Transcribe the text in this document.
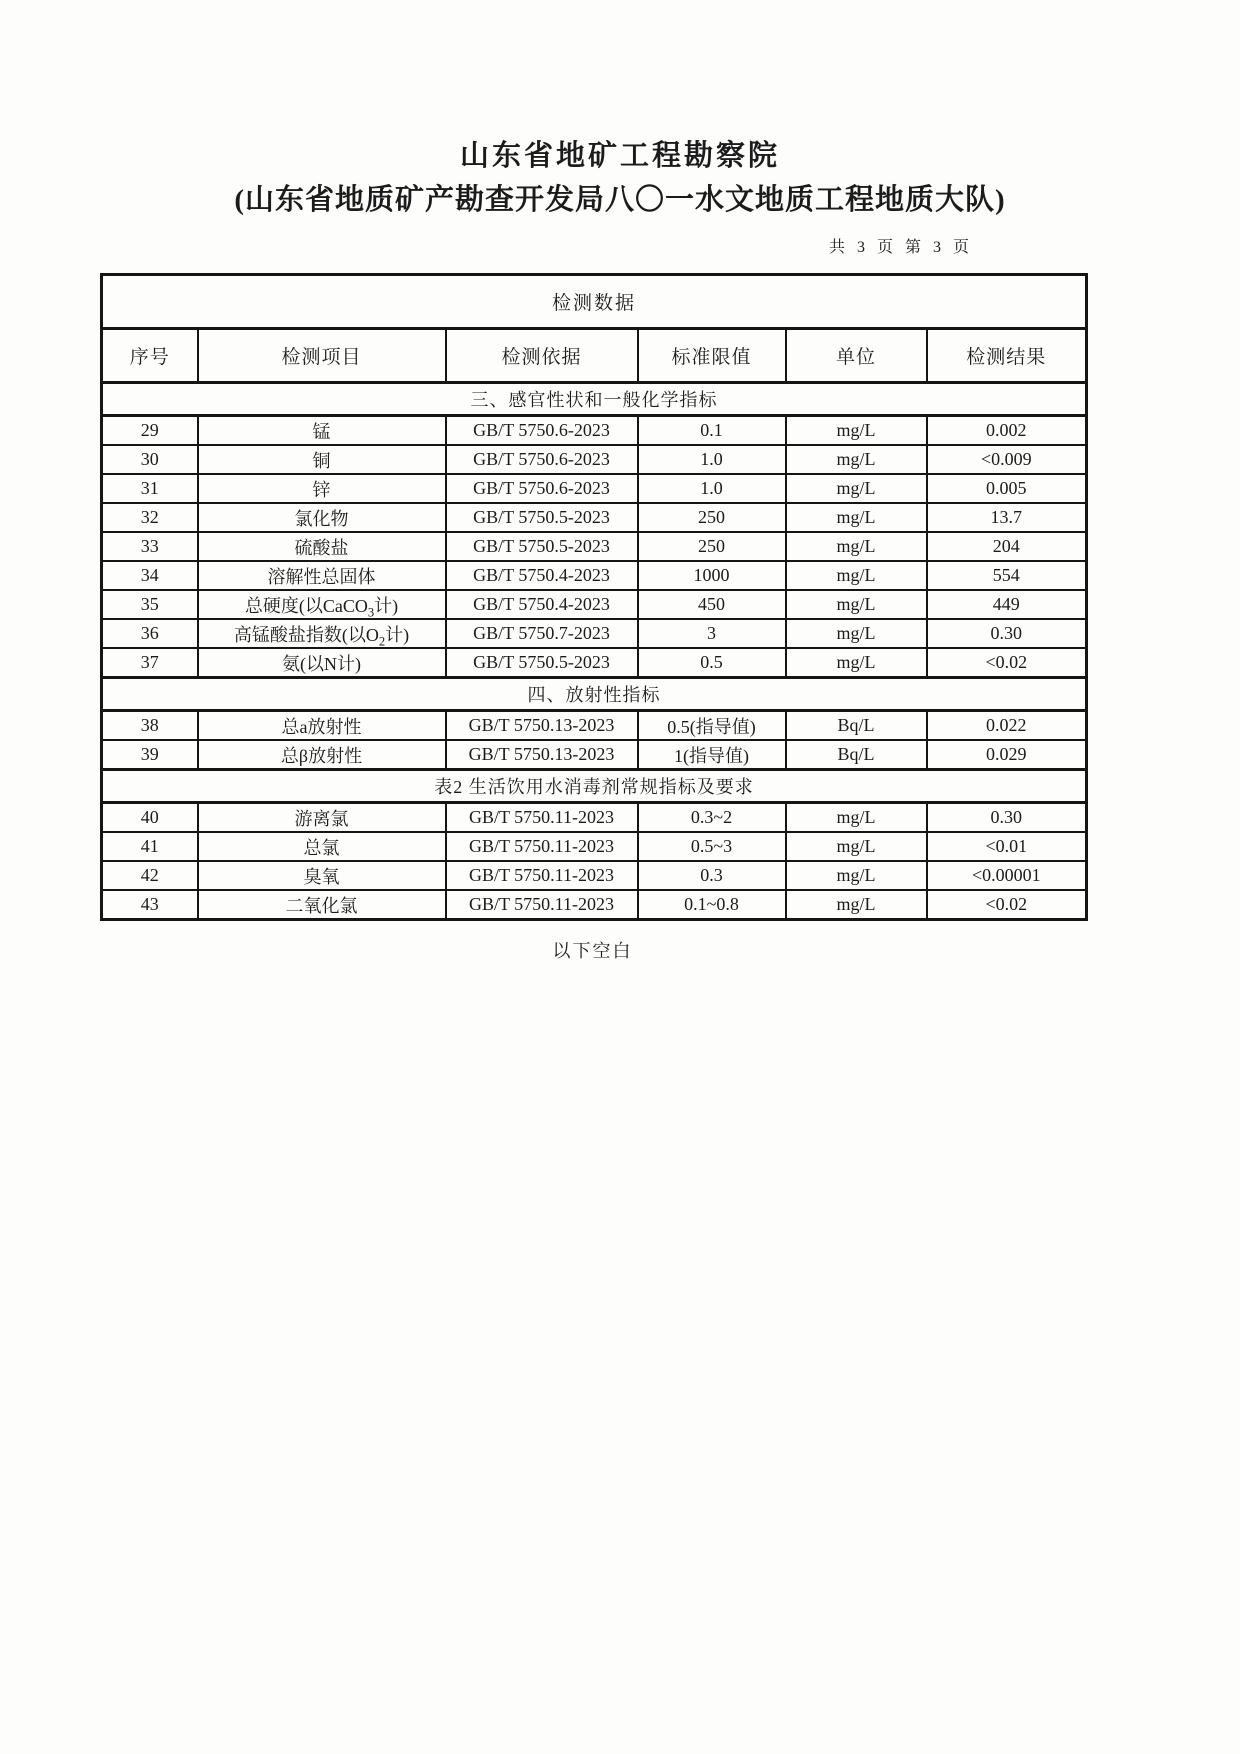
山东省地矿工程勘察院
(山东省地质矿产勘查开发局八〇一水文地质工程地质大队)
共 3 页 第 3 页
检测数据					
序号	检测项目	检测依据	标准限值	单位	检测结果
三、感官性状和一般化学指标					
29	锰	GB/T 5750.6-2023	0.1	mg/L	0.002
30	铜	GB/T 5750.6-2023	1.0	mg/L	<0.009
31	锌	GB/T 5750.6-2023	1.0	mg/L	0.005
32	氯化物	GB/T 5750.5-2023	250	mg/L	13.7
33	硫酸盐	GB/T 5750.5-2023	250	mg/L	204
34	溶解性总固体	GB/T 5750.4-2023	1000	mg/L	554
35	总硬度(以CaCO$_3$计)	GB/T 5750.4-2023	450	mg/L	449
36	高锰酸盐指数(以$O_2$计)	GB/T 5750.7-2023	3	mg/L	0.30
37	氨(以N计)	GB/T 5750.5-2023	0.5	mg/L	<0.02
四、放射性指标					
38	总a放射性	GB/T 5750.13-2023	0.5(指导值)	Bq/L	0.022
39	总β放射性	GB/T 5750.13-2023	1(指导值)	Bq/L	0.029
表2 生活饮用水消毒剂常规指标及要求					
40	游离氯	GB/T 5750.11-2023	0.3~2	mg/L	0.30
41	总氯	GB/T 5750.11-2023	0.5~3	mg/L	<0.01
42	臭氧	GB/T 5750.11-2023	0.3	mg/L	<0.00001
43	二氧化氯	GB/T 5750.11-2023	0.1~0.8	mg/L	<0.02
以下空白
